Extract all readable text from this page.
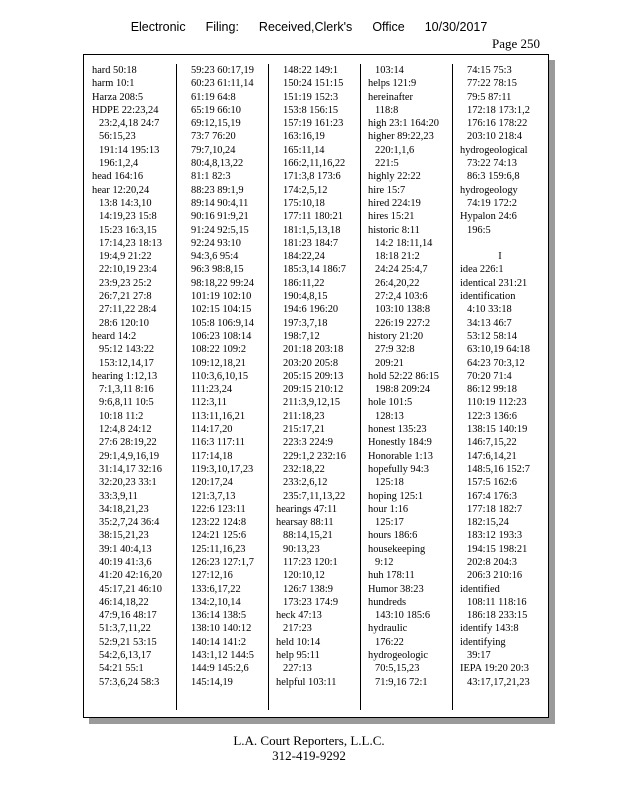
Electronic Filing: Received,Clerk's Office 10/30/2017
Page 250
hard 50:18
harm 10:1
Harza 208:5
HDPE 22:23,24
23:2,4,18 24:7
56:15,23
191:14 195:13
196:1,2,4
head 164:16
hear 12:20,24
13:8 14:3,10
14:19,23 15:8
15:23 16:3,15
17:14,23 18:13
19:4,9 21:22
22:10,19 23:4
23:9,23 25:2
26:7,21 27:8
27:11,22 28:4
28:6 120:10
heard 14:2
95:12 143:22
153:12,14,17
hearing 1:12,13
7:1,3,11 8:16
9:6,8,11 10:5
10:18 11:2
12:4,8 24:12
27:6 28:19,22
29:1,4,9,16,19
31:14,17 32:16
32:20,23 33:1
33:3,9,11
34:18,21,23
35:2,7,24 36:4
38:15,21,23
39:1 40:4,13
40:19 41:3,6
41:20 42:16,20
45:17,21 46:10
46:14,18,22
47:9,16 48:17
51:3,7,11,22
52:9,21 53:15
54:2,6,13,17
54:21 55:1
57:3,6,24 58:3
59:23 60:17,19
60:23 61:11,14
61:19 64:8
65:19 66:10
69:12,15,19
73:7 76:20
79:7,10,24
80:4,8,13,22
81:1 82:3
88:23 89:1,9
89:14 90:4,11
90:16 91:9,21
91:24 92:5,15
92:24 93:10
94:3,6 95:4
96:3 98:8,15
98:18,22 99:24
101:19 102:10
102:15 104:15
105:8 106:9,14
106:23 108:14
108:22 109:2
109:12,18,21
110:3,6,10,15
111:23,24
112:3,11
113:11,16,21
114:17,20
116:3 117:11
117:14,18
119:3,10,17,23
120:17,24
121:3,7,13
122:6 123:11
123:22 124:8
124:21 125:6
125:11,16,23
126:23 127:1,7
127:12,16
133:6,17,22
134:2,10,14
136:14 138:5
138:10 140:12
140:14 141:2
143:1,12 144:5
144:9 145:2,6
145:14,19
148:22 149:1
150:24 151:15
151:19 152:3
153:8 156:15
157:19 161:23
163:16,19
165:11,14
166:2,11,16,22
171:3,8 173:6
174:2,5,12
175:10,18
177:11 180:21
181:1,5,13,18
181:23 184:7
184:22,24
185:3,14 186:7
186:11,22
190:4,8,15
194:6 196:20
197:3,7,18
198:7,12
201:18 203:18
203:20 205:8
205:15 209:13
209:15 210:12
211:3,9,12,15
211:18,23
215:17,21
223:3 224:9
229:1,2 232:16
232:18,22
233:2,6,12
235:7,11,13,22
hearings 47:11
hearsay 88:11
88:14,15,21
90:13,23
117:23 120:1
120:10,12
126:7 138:9
173:23 174:9
heck 47:13
217:23
held 10:14
help 95:11
227:13
helpful 103:11
103:14
helps 121:9
hereinafter
118:8
high 23:1 164:20
higher 89:22,23
220:1,1,6
221:5
highly 22:22
hire 15:7
hired 224:19
hires 15:21
historic 8:11
14:2 18:11,14
18:18 21:2
24:24 25:4,7
26:4,20,22
27:2,4 103:6
103:10 138:8
226:19 227:2
history 21:20
27:9 32:8
209:21
hold 52:22 86:15
198:8 209:24
hole 101:5
128:13
honest 135:23
Honestly 184:9
Honorable 1:13
hopefully 94:3
125:18
hoping 125:1
hour 1:16
125:17
hours 186:6
housekeeping
9:12
huh 178:11
Humor 38:23
hundreds
143:10 185:6
hydraulic
176:22
hydrogeologic
70:5,15,23
71:9,16 72:1
74:15 75:3
77:22 78:15
79:5 87:11
172:18 173:1,2
176:16 178:22
203:10 218:4
hydrogeological
73:22 74:13
86:3 159:6,8
hydrogeology
74:19 172:2
Hypalon 24:6
196:5
I
idea 226:1
identical 231:21
identification
4:10 33:18
34:13 46:7
53:12 58:14
63:10,19 64:18
64:23 70:3,12
70:20 71:4
86:12 99:18
110:19 112:23
122:3 136:6
138:15 140:19
146:7,15,22
147:6,14,21
148:5,16 152:7
157:5 162:6
167:4 176:3
177:18 182:7
182:15,24
183:12 193:3
194:15 198:21
202:8 204:3
206:3 210:16
identified
108:11 118:16
186:18 233:15
identify 143:8
identifying
39:17
IEPA 19:20 20:3
43:17,17,21,23
L.A. Court Reporters, L.L.C.
312-419-9292
